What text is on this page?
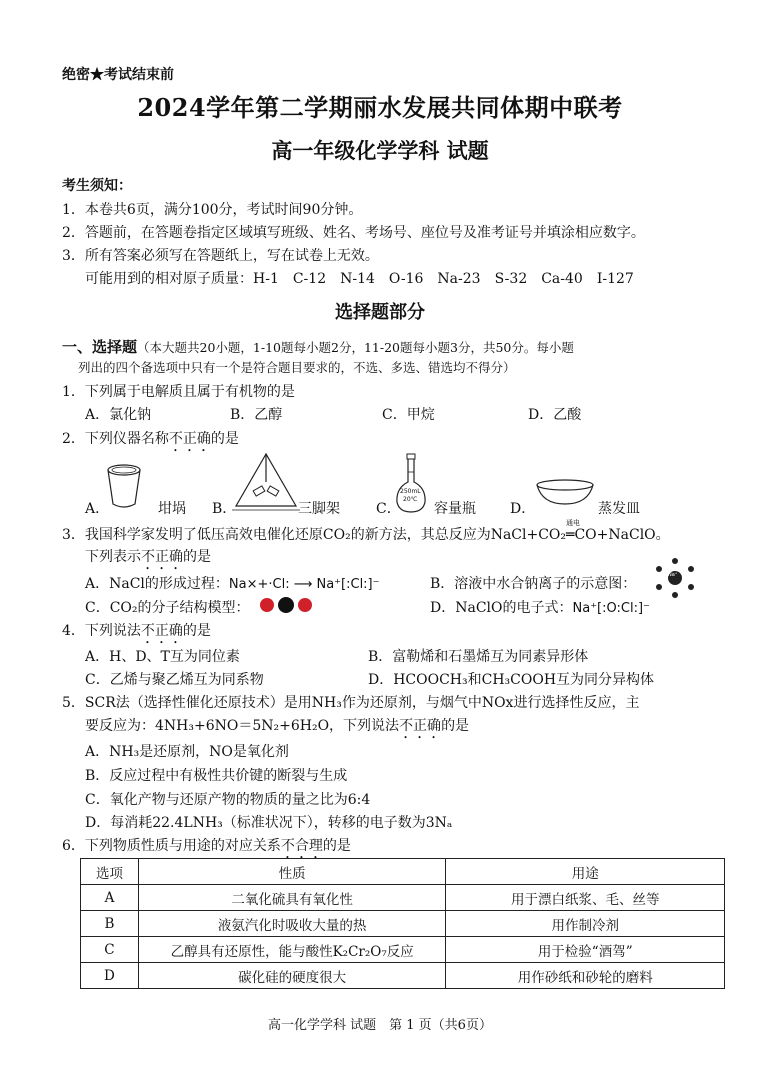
绝密★考试结束前
2024学年第二学期丽水发展共同体期中联考
高一年级化学学科 试题
考生须知：
1．本卷共6页，满分100分，考试时间90分钟。
2．答题前，在答题卷指定区域填写班级、姓名、考场号、座位号及准考证号并填涂相应数字。
3．所有答案必须写在答题纸上，写在试卷上无效。
可能用到的相对原子质量：H-1　C-12　N-14　O-16　Na-23　S-32　Ca-40　I-127
选择题部分
一、选择题（本大题共20小题，1-10题每小题2分，11-20题每小题3分，共50分。每小题
列出的四个备选项中只有一个是符合题目要求的，不选、多选、错选均不得分）
1．下列属于电解质且属于有机物的是
A．氯化钠	B．乙醇	C．甲烷	D．乙酸
2．下列仪器名称不正确的是
A．	坩埚 B．	三脚架	C．
250mL
20℃
容量瓶 D．	蒸发皿
3．我国科学家发明了低压高效电催化还原CO₂的新方法，其总反应为NaCl+CO₂
通电
═CO+NaClO。
下列表示不正确的是
A．NaCl的形成过程：Na×+·Cl: ⟶ Na⁺[:Cl:]⁻	B．溶液中水合钠离子的示意图：
Na⁺
C．CO₂的分子结构模型：	D．NaClO的电子式：Na⁺[:O:Cl:]⁻
4．下列说法不正确的是
A．H、D、T互为同位素	B．富勒烯和石墨烯互为同素异形体
C．乙烯与聚乙烯互为同系物	D．HCOOCH₃和CH₃COOH互为同分异构体
5．SCR法（选择性催化还原技术）是用NH₃作为还原剂，与烟气中NOx进行选择性反应，主
要反应为：4NH₃+6NO＝5N₂+6H₂O，下列说法不正确的是
A．NH₃是还原剂，NO是氧化剂
B．反应过程中有极性共价键的断裂与生成
C．氧化产物与还原产物的物质的量之比为6:4
D．每消耗22.4LNH₃（标准状况下），转移的电子数为3Nₐ
6．下列物质性质与用途的对应关系不合理的是
选项	性质	用途
A	二氧化硫具有氧化性	用于漂白纸浆、毛、丝等
B	液氨汽化时吸收大量的热	用作制冷剂
C	乙醇具有还原性，能与酸性K₂Cr₂O₇反应	用于检验“酒驾”
D	碳化硅的硬度很大	用作砂纸和砂轮的磨料
高一化学学科 试题　第 1 页（共6页）
